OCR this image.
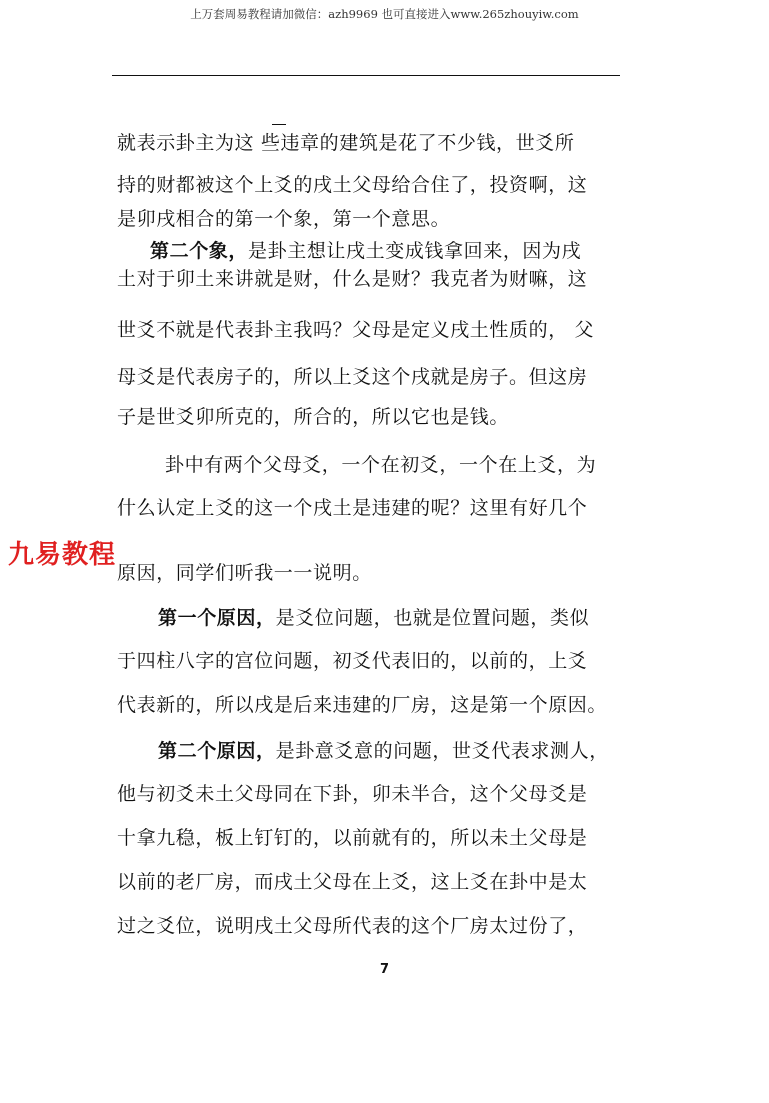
上万套周易教程请加微信：azh9969 也可直接进入www.265zhouyiw.com
就表示卦主为这 些违章的建筑是花了不少钱，世爻所
持的财都被这个上爻的戌土父母给合住了，投资啊，这
是卯戌相合的第一个象，第一个意思。
第二个象，是卦主想让戌土变成钱拿回来，因为戌
土对于卯土来讲就是财，什么是财？我克者为财嘛，这
世爻不就是代表卦主我吗？父母是定义戌土性质的， 父
母爻是代表房子的，所以上爻这个戌就是房子。但这房
子是世爻卯所克的，所合的，所以它也是钱。
卦中有两个父母爻，一个在初爻，一个在上爻，为
什么认定上爻的这一个戌土是违建的呢？这里有好几个
原因，同学们听我一一说明。
第一个原因，是爻位问题，也就是位置问题，类似
于四柱八字的宫位问题，初爻代表旧的，以前的，上爻
代表新的，所以戌是后来违建的厂房，这是第一个原因。
第二个原因，是卦意爻意的问题，世爻代表求测人，
他与初爻未土父母同在下卦，卯未半合，这个父母爻是
十拿九稳，板上钉钉的，以前就有的，所以未土父母是
以前的老厂房，而戌土父母在上爻，这上爻在卦中是太
过之爻位，说明戌土父母所代表的这个厂房太过份了，
九易教程
7
